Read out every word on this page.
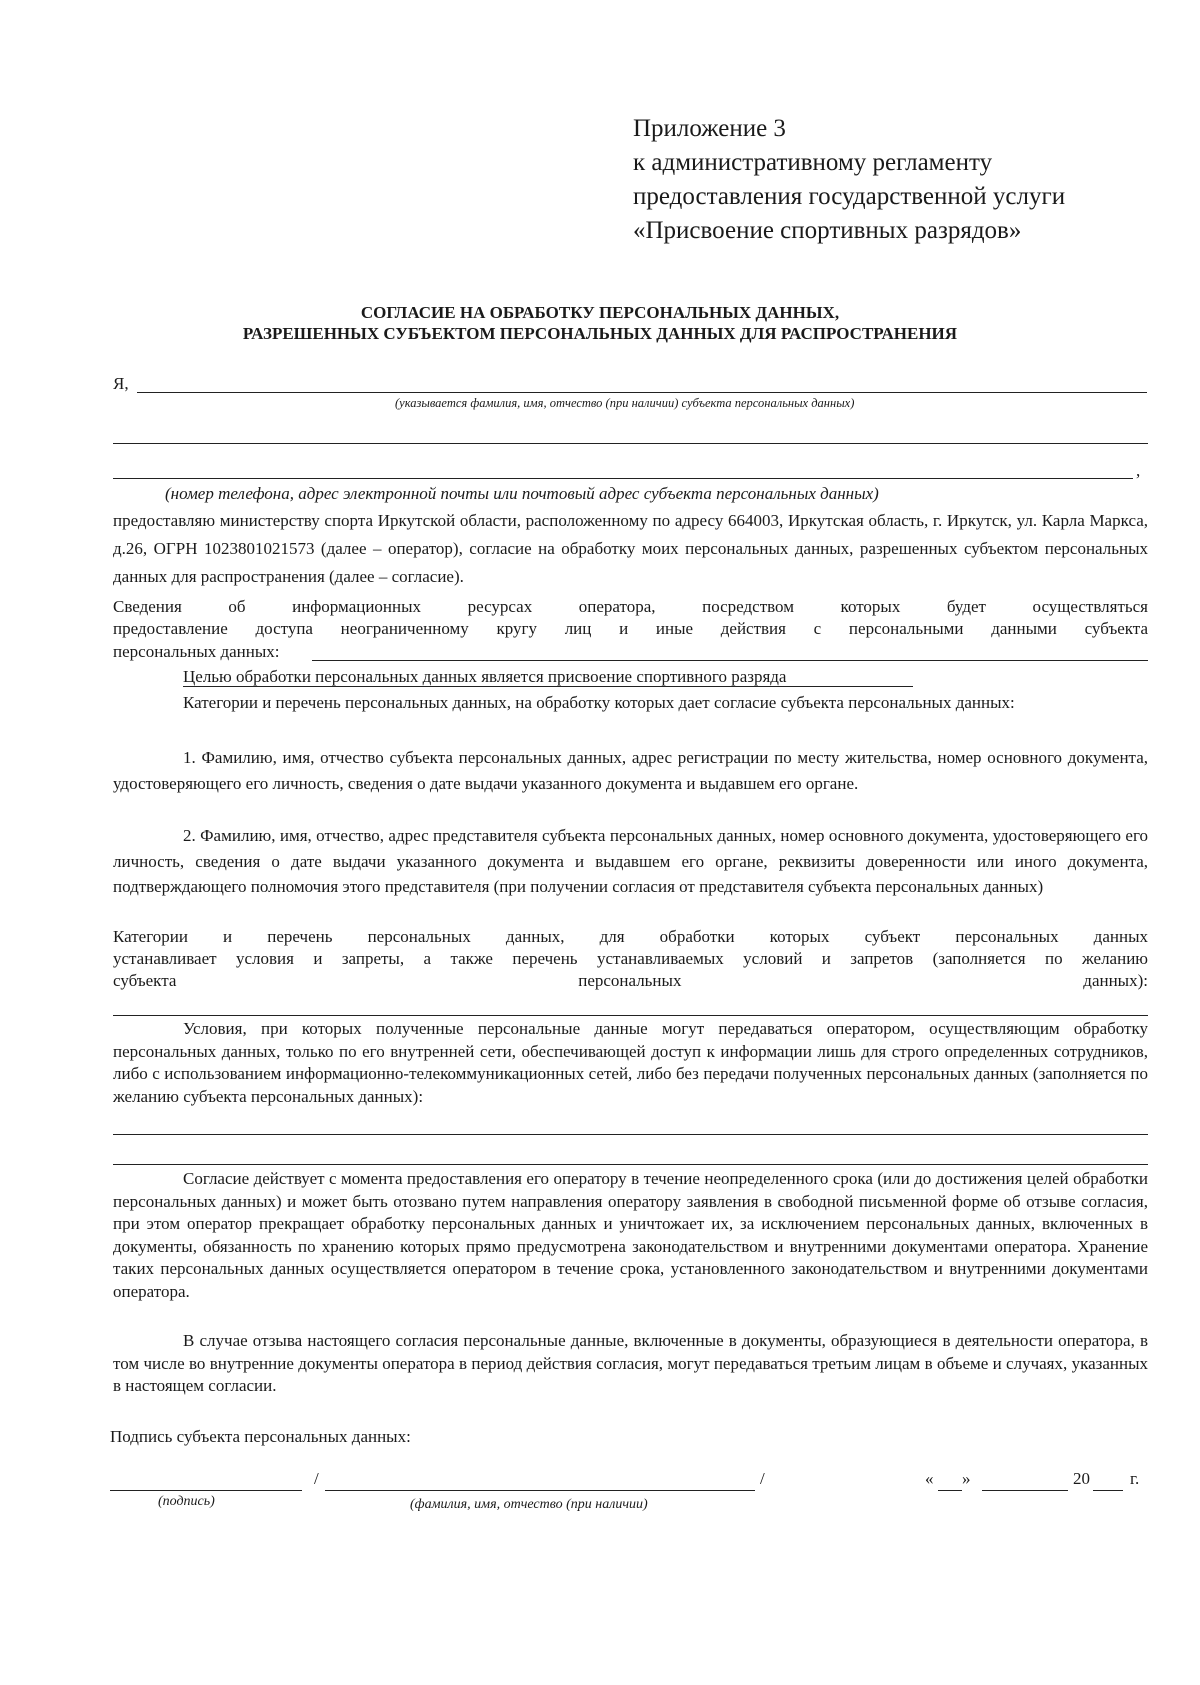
Приложение 3
к административному регламенту
предоставления государственной услуги
«Присвоение спортивных разрядов»
СОГЛАСИЕ НА ОБРАБОТКУ ПЕРСОНАЛЬНЫХ ДАННЫХ,
РАЗРЕШЕННЫХ СУБЪЕКТОМ ПЕРСОНАЛЬНЫХ ДАННЫХ ДЛЯ РАСПРОСТРАНЕНИЯ
Я,
(указывается фамилия, имя, отчество (при наличии) субъекта персональных данных)
,
(номер телефона, адрес электронной почты или почтовый адрес субъекта персональных данных)
предоставляю министерству спорта Иркутской области, расположенному по адресу 664003, Иркутская область, г. Иркутск, ул. Карла Маркса, д.26, ОГРН 1023801021573 (далее – оператор), согласие на обработку моих персональных данных, разрешенных субъектом персональных данных для распространения (далее – согласие).
Сведения об информационных ресурсах оператора, посредством которых будет осуществляться
предоставление доступа неограниченному кругу лиц и иные действия с персональными данными субъекта
персональных данных:
Целью обработки персональных данных является присвоение спортивного разряда
Категории и перечень персональных данных, на обработку которых дает согласие субъекта персональных данных:
1. Фамилию, имя, отчество субъекта персональных данных, адрес регистрации по месту жительства, номер основного документа, удостоверяющего его личность, сведения о дате выдачи указанного документа и выдавшем его органе.
2. Фамилию, имя, отчество, адрес представителя субъекта персональных данных, номер основного документа, удостоверяющего его личность, сведения о дате выдачи указанного документа и выдавшем его органе, реквизиты доверенности или иного документа, подтверждающего полномочия этого представителя (при получении согласия от представителя субъекта персональных данных)
Категории и перечень персональных данных, для обработки которых субъект персональных данных
устанавливает условия и запреты, а также перечень устанавливаемых условий и запретов (заполняется по желанию
субъекта	персональных	данных):
Условия, при которых полученные персональные данные могут передаваться оператором, осуществляющим обработку персональных данных, только по его внутренней сети, обеспечивающей доступ к информации лишь для строго определенных сотрудников, либо с использованием информационно-телекоммуникационных сетей, либо без передачи полученных персональных данных (заполняется по желанию субъекта персональных данных):
Согласие действует с момента предоставления его оператору в течение неопределенного срока (или до достижения целей обработки персональных данных) и может быть отозвано путем направления оператору заявления в свободной письменной форме об отзыве согласия, при этом оператор прекращает обработку персональных данных и уничтожает их, за исключением персональных данных, включенных в документы, обязанность по хранению которых прямо предусмотрена законодательством и внутренними документами оператора. Хранение таких персональных данных осуществляется оператором в течение срока, установленного законодательством и внутренними документами оператора.
В случае отзыва настоящего согласия персональные данные, включенные в документы, образующиеся в деятельности оператора, в том числе во внутренние документы оператора в период действия согласия, могут передаваться третьим лицам в объеме и случаях, указанных в настоящем согласии.
Подпись субъекта персональных данных:
/	/	« »	20 г.
(подпись)	(фамилия, имя, отчество (при наличии)
